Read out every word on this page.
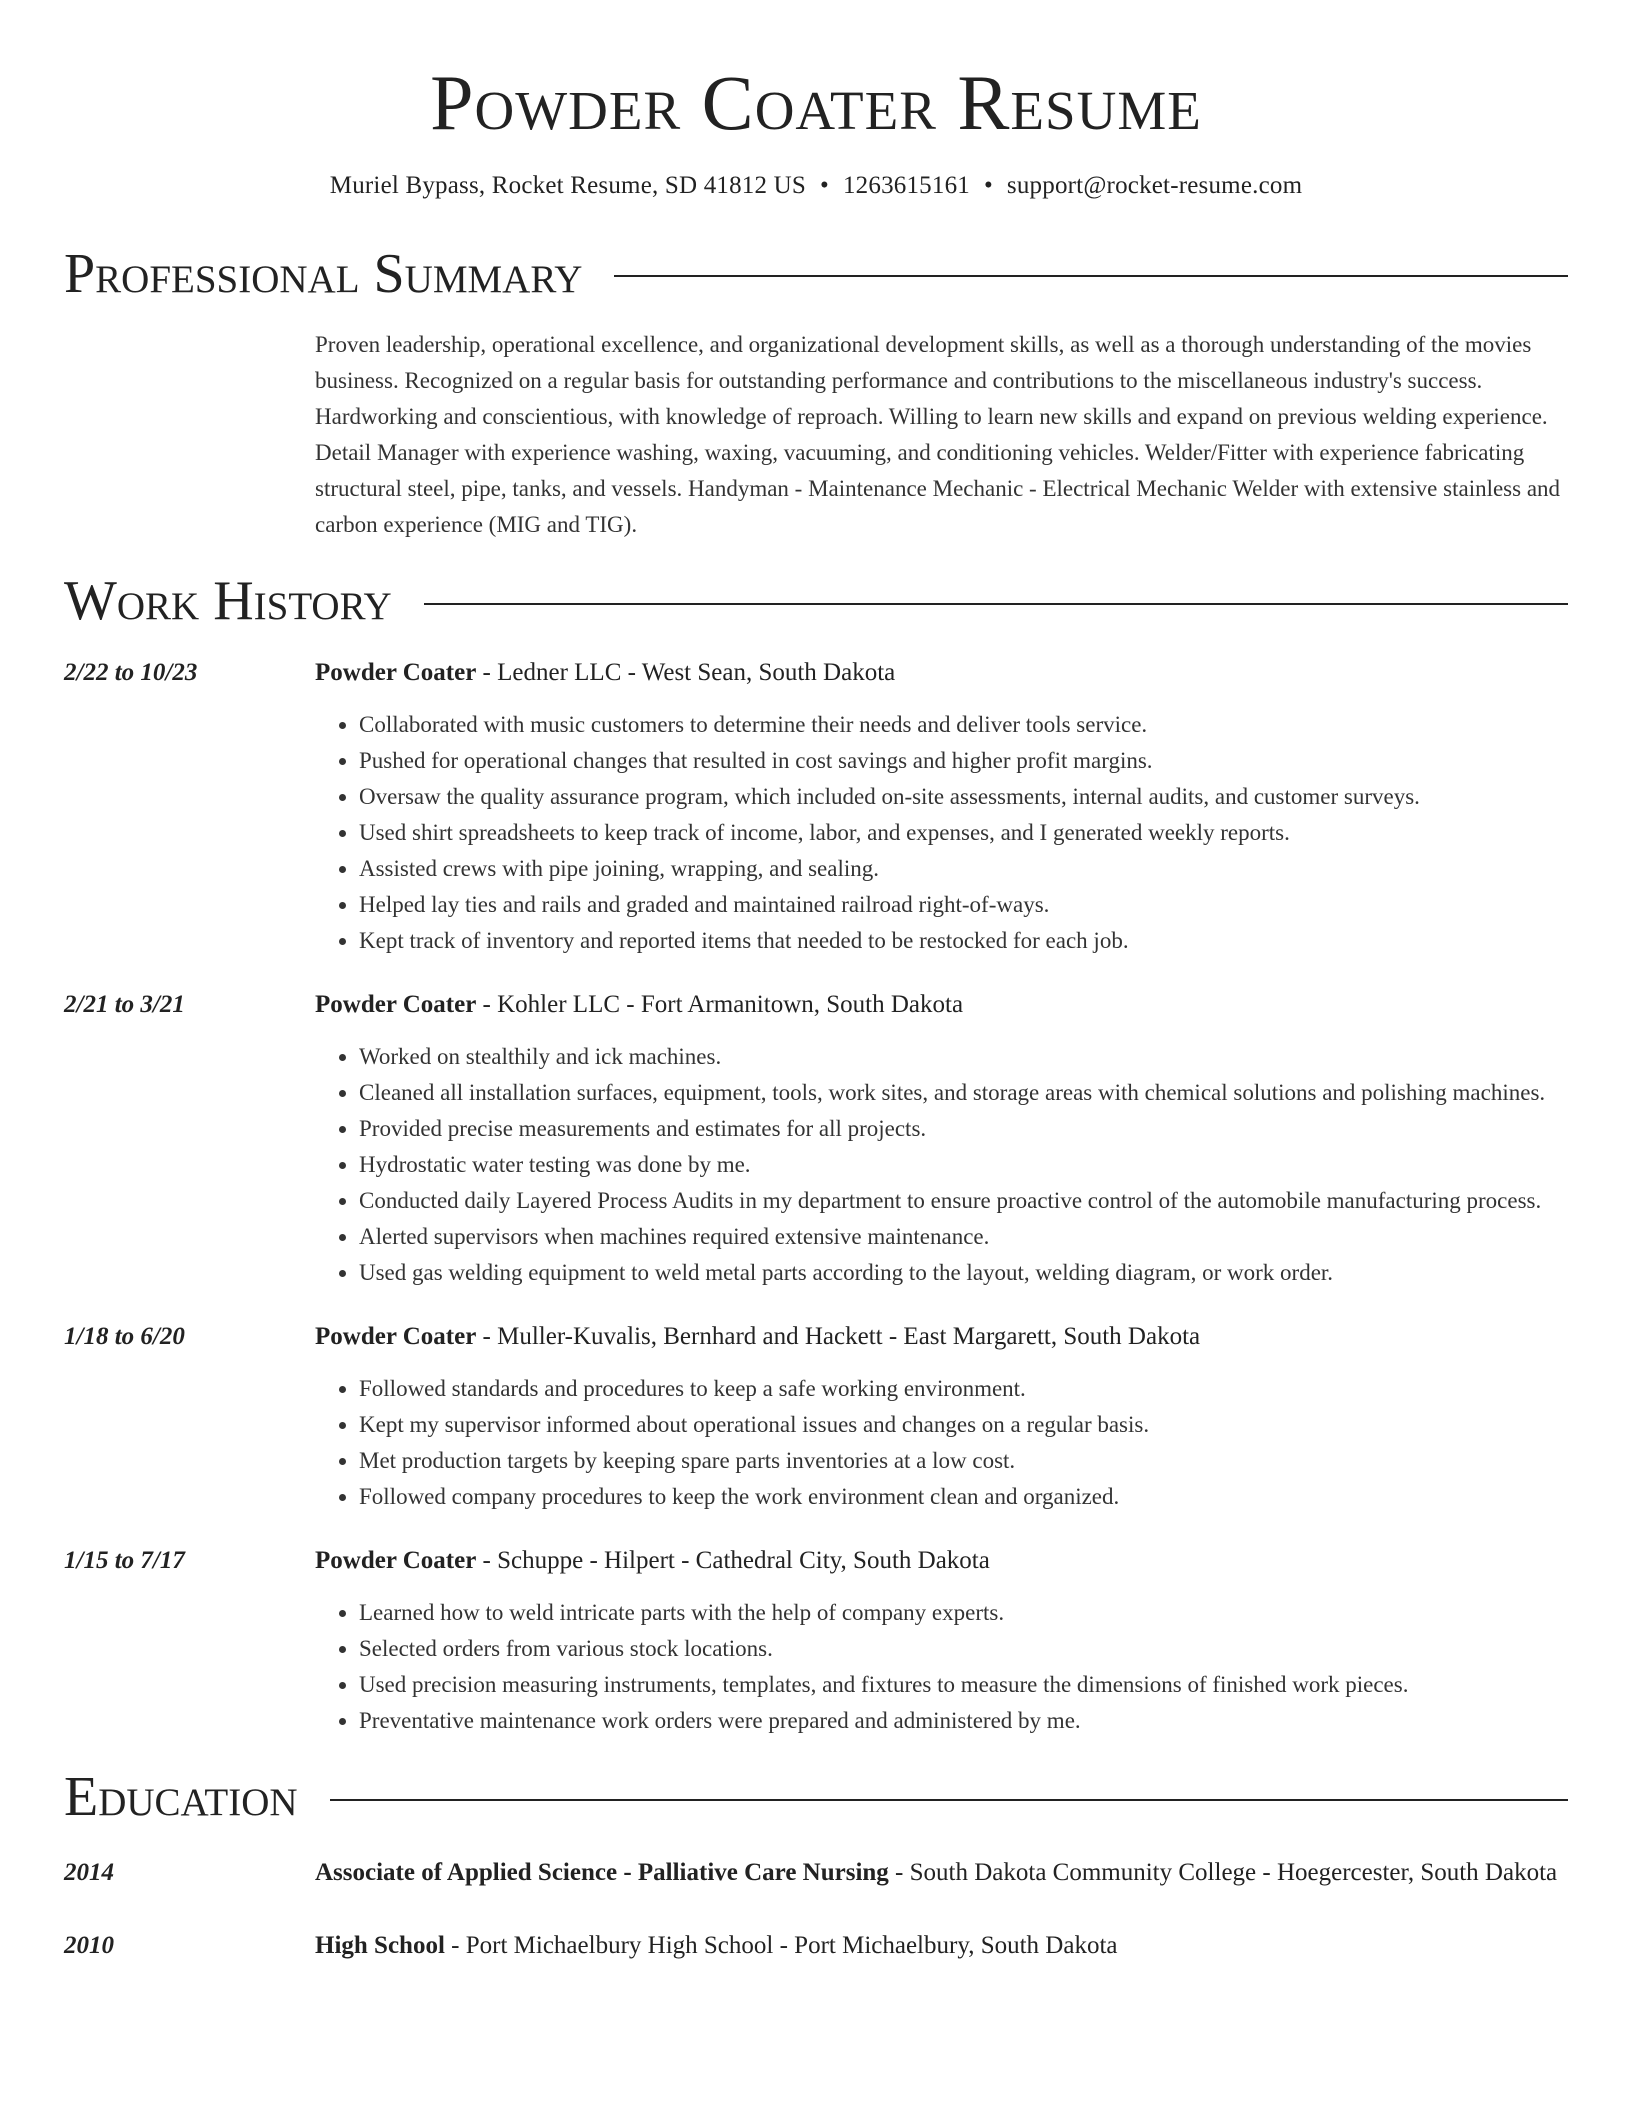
Powder Coater Resume
Muriel Bypass, Rocket Resume, SD 41812 US • 1263615161 • support@rocket-resume.com
Professional Summary
Proven leadership, operational excellence, and organizational development skills, as well as a thorough understanding of the movies business. Recognized on a regular basis for outstanding performance and contributions to the miscellaneous industry's success. Hardworking and conscientious, with knowledge of reproach. Willing to learn new skills and expand on previous welding experience. Detail Manager with experience washing, waxing, vacuuming, and conditioning vehicles. Welder/Fitter with experience fabricating structural steel, pipe, tanks, and vessels. Handyman - Maintenance Mechanic - Electrical Mechanic Welder with extensive stainless and carbon experience (MIG and TIG).
Work History
2/22 to 10/23	Powder Coater - Ledner LLC - West Sean, South Dakota
• Collaborated with music customers to determine their needs and deliver tools service.
• Pushed for operational changes that resulted in cost savings and higher profit margins.
• Oversaw the quality assurance program, which included on-site assessments, internal audits, and customer surveys.
• Used shirt spreadsheets to keep track of income, labor, and expenses, and I generated weekly reports.
• Assisted crews with pipe joining, wrapping, and sealing.
• Helped lay ties and rails and graded and maintained railroad right-of-ways.
• Kept track of inventory and reported items that needed to be restocked for each job.
2/21 to 3/21	Powder Coater - Kohler LLC - Fort Armanitown, South Dakota
• Worked on stealthily and ick machines.
• Cleaned all installation surfaces, equipment, tools, work sites, and storage areas with chemical solutions and polishing machines.
• Provided precise measurements and estimates for all projects.
• Hydrostatic water testing was done by me.
• Conducted daily Layered Process Audits in my department to ensure proactive control of the automobile manufacturing process.
• Alerted supervisors when machines required extensive maintenance.
• Used gas welding equipment to weld metal parts according to the layout, welding diagram, or work order.
1/18 to 6/20	Powder Coater - Muller-Kuvalis, Bernhard and Hackett - East Margarett, South Dakota
• Followed standards and procedures to keep a safe working environment.
• Kept my supervisor informed about operational issues and changes on a regular basis.
• Met production targets by keeping spare parts inventories at a low cost.
• Followed company procedures to keep the work environment clean and organized.
1/15 to 7/17	Powder Coater - Schuppe - Hilpert - Cathedral City, South Dakota
• Learned how to weld intricate parts with the help of company experts.
• Selected orders from various stock locations.
• Used precision measuring instruments, templates, and fixtures to measure the dimensions of finished work pieces.
• Preventative maintenance work orders were prepared and administered by me.
Education
2014	Associate of Applied Science - Palliative Care Nursing - South Dakota Community College - Hoegercester, South Dakota
2010	High School - Port Michaelbury High School - Port Michaelbury, South Dakota
